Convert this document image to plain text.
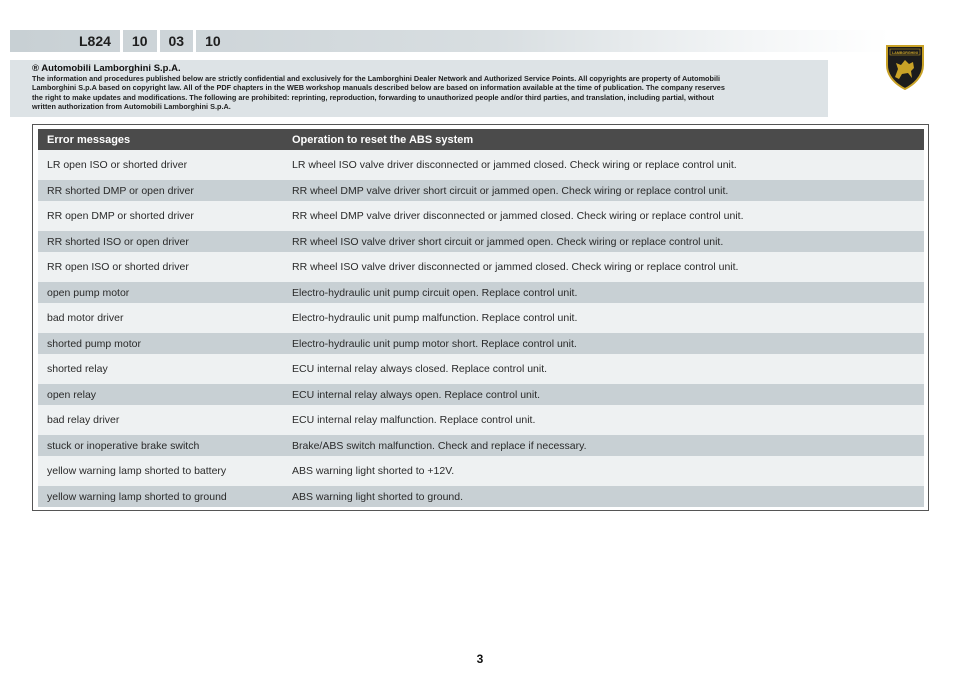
L824	10	03	10
® Automobili Lamborghini S.p.A.
The information and procedures published below are strictly confidential and exclusively for the Lamborghini Dealer Network and Authorized Service Points. All copyrights are property of Automobili
Lamborghini S.p.A based on copyright law. All of the PDF chapters in the WEB workshop manuals described below are based on information available at the time of publication. The company reserves
the right to make updates and modifications. The following are prohibited: reprinting, reproduction, forwarding to unauthorized people and/or third parties, and translation, including partial, without
written authorization from Automobili Lamborghini S.p.A.
LAMBORGHINI
Error messages	Operation to reset the ABS system
LR open ISO or shorted driver	LR wheel ISO valve driver disconnected or jammed closed. Check wiring or replace control unit.
RR shorted DMP or open driver	RR wheel DMP valve driver short circuit or jammed open. Check wiring or replace control unit.
RR open DMP or shorted driver	RR wheel DMP valve driver disconnected or jammed closed. Check wiring or replace control unit.
RR shorted ISO or open driver	RR wheel ISO valve driver short circuit or jammed open. Check wiring or replace control unit.
RR open ISO or shorted driver	RR wheel ISO valve driver disconnected or jammed closed. Check wiring or replace control unit.
open pump motor	Electro-hydraulic unit pump circuit open. Replace control unit.
bad motor driver	Electro-hydraulic unit pump malfunction. Replace control unit.
shorted pump motor	Electro-hydraulic unit pump motor short. Replace control unit.
shorted relay	ECU internal relay always closed. Replace control unit.
open relay	ECU internal relay always open. Replace control unit.
bad relay driver	ECU internal relay malfunction. Replace control unit.
stuck or inoperative brake switch	Brake/ABS switch malfunction. Check and replace if necessary.
yellow warning lamp shorted to battery	ABS warning light shorted to +12V.
yellow warning lamp shorted to ground	ABS warning light shorted to ground.
3
